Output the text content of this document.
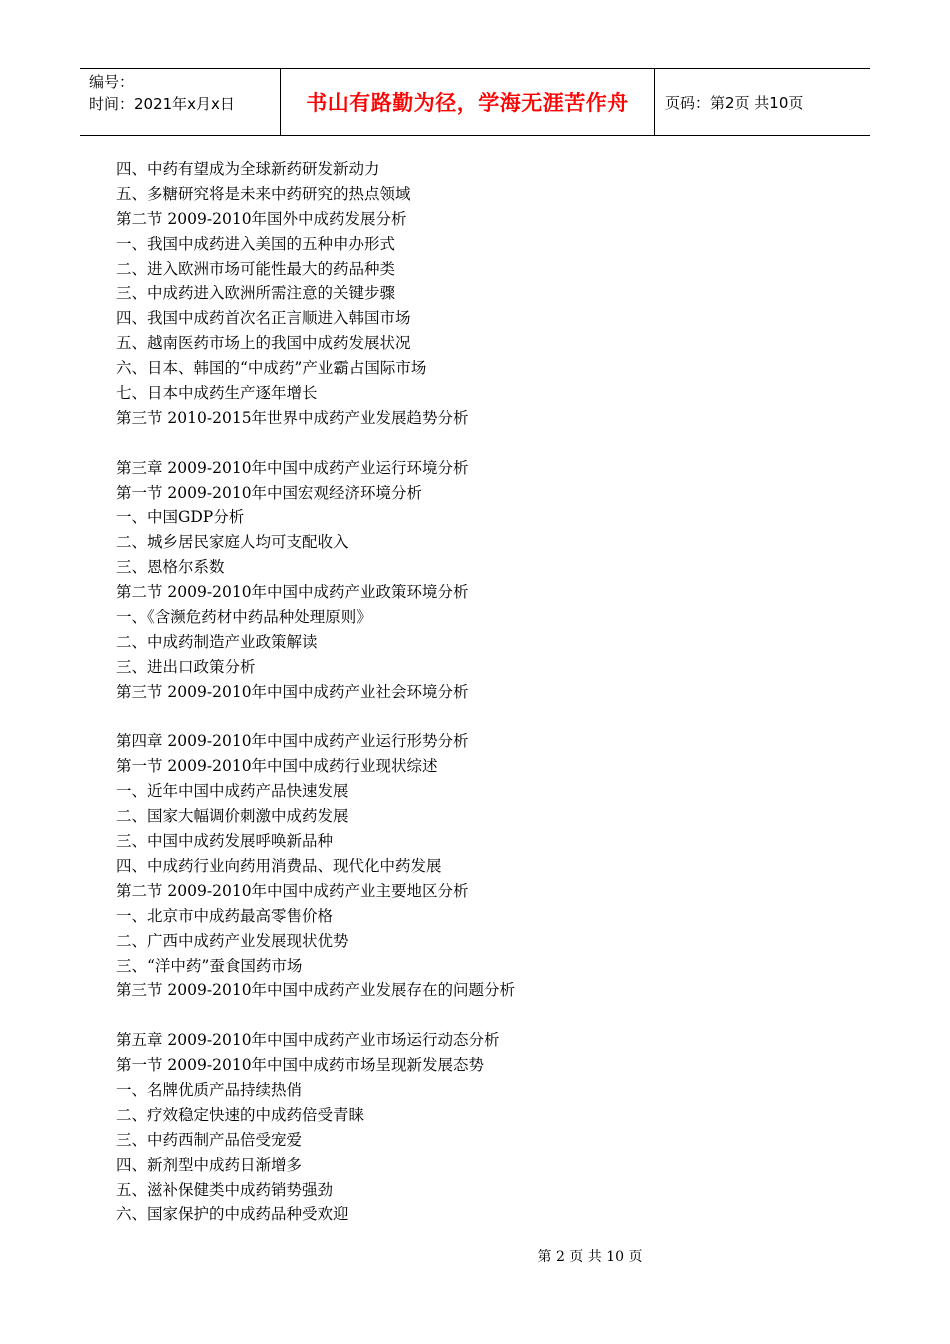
编号：
时间：2021年x月x日	书山有路勤为径，学海无涯苦作舟 页码：第2页 共10页
四、中药有望成为全球新药研发新动力
五、多糖研究将是未来中药研究的热点领域
第二节 2009-2010年国外中成药发展分析
一、我国中成药进入美国的五种申办形式
二、进入欧洲市场可能性最大的药品种类
三、中成药进入欧洲所需注意的关键步骤
四、我国中成药首次名正言顺进入韩国市场
五、越南医药市场上的我国中成药发展状况
六、日本、韩国的“中成药”产业霸占国际市场
七、日本中成药生产逐年增长
第三节 2010-2015年世界中成药产业发展趋势分析
第三章 2009-2010年中国中成药产业运行环境分析
第一节 2009-2010年中国宏观经济环境分析
一、中国GDP分析
二、城乡居民家庭人均可支配收入
三、恩格尔系数
第二节 2009-2010年中国中成药产业政策环境分析
一、《含濒危药材中药品种处理原则》
二、中成药制造产业政策解读
三、进出口政策分析
第三节 2009-2010年中国中成药产业社会环境分析
第四章 2009-2010年中国中成药产业运行形势分析
第一节 2009-2010年中国中成药行业现状综述
一、近年中国中成药产品快速发展
二、国家大幅调价刺激中成药发展
三、中国中成药发展呼唤新品种
四、中成药行业向药用消费品、现代化中药发展
第二节 2009-2010年中国中成药产业主要地区分析
一、北京市中成药最高零售价格
二、广西中成药产业发展现状优势
三、“洋中药”蚕食国药市场
第三节 2009-2010年中国中成药产业发展存在的问题分析
第五章 2009-2010年中国中成药产业市场运行动态分析
第一节 2009-2010年中国中成药市场呈现新发展态势
一、名牌优质产品持续热俏
二、疗效稳定快速的中成药倍受青睐
三、中药西制产品倍受宠爱
四、新剂型中成药日渐增多
五、滋补保健类中成药销势强劲
六、国家保护的中成药品种受欢迎
第 2 页 共 10 页
